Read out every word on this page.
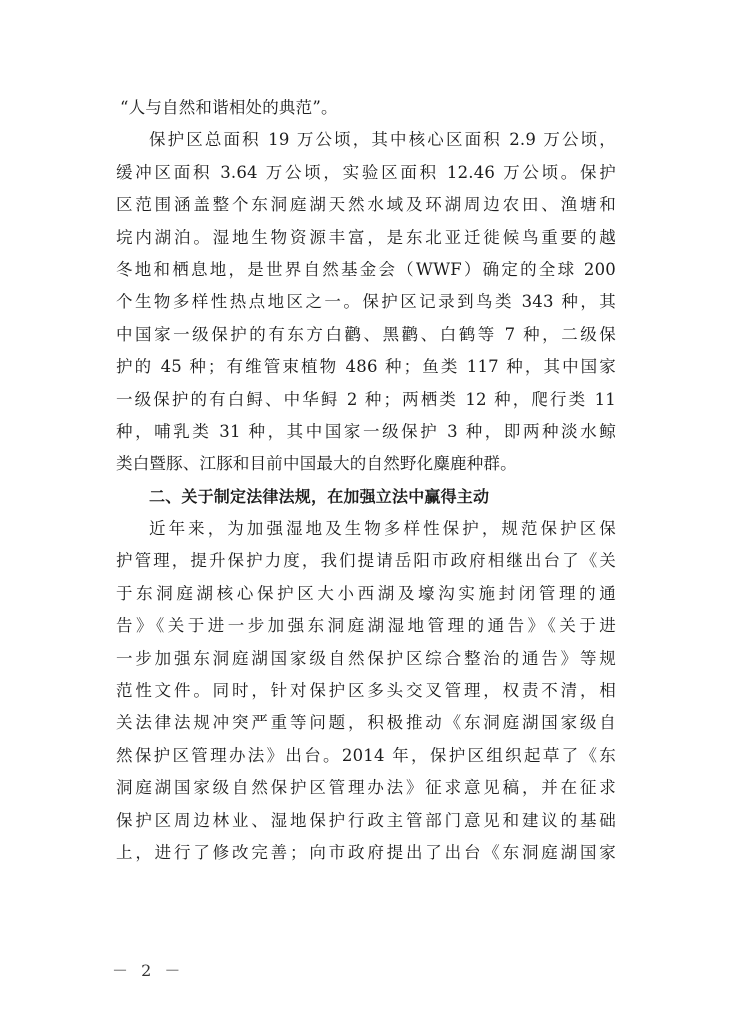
“人与自然和谐相处的典范”。
保护区总面积 19 万公顷，其中核心区面积 2.9 万公顷，
缓冲区面积 3.64 万公顷，实验区面积 12.46 万公顷。保护
区范围涵盖整个东洞庭湖天然水域及环湖周边农田、渔塘和
垸内湖泊。湿地生物资源丰富，是东北亚迁徙候鸟重要的越
冬地和栖息地，是世界自然基金会（WWF）确定的全球 200
个生物多样性热点地区之一。保护区记录到鸟类 343 种，其
中国家一级保护的有东方白鹳、黑鹳、白鹤等 7 种，二级保
护的 45 种；有维管束植物 486 种；鱼类 117 种，其中国家
一级保护的有白鲟、中华鲟 2 种；两栖类 12 种，爬行类 11
种，哺乳类 31 种，其中国家一级保护 3 种，即两种淡水鲸
类白暨豚、江豚和目前中国最大的自然野化麋鹿种群。
二、关于制定法律法规，在加强立法中赢得主动
近年来，为加强湿地及生物多样性保护，规范保护区保
护管理，提升保护力度，我们提请岳阳市政府相继出台了《关
于东洞庭湖核心保护区大小西湖及壕沟实施封闭管理的通
告》《关于进一步加强东洞庭湖湿地管理的通告》《关于进
一步加强东洞庭湖国家级自然保护区综合整治的通告》等规
范性文件。同时，针对保护区多头交叉管理，权责不清，相
关法律法规冲突严重等问题，积极推动《东洞庭湖国家级自
然保护区管理办法》出台。2014 年，保护区组织起草了《东
洞庭湖国家级自然保护区管理办法》征求意见稿，并在征求
保护区周边林业、湿地保护行政主管部门意见和建议的基础
上，进行了修改完善；向市政府提出了出台《东洞庭湖国家
－ 2 －
